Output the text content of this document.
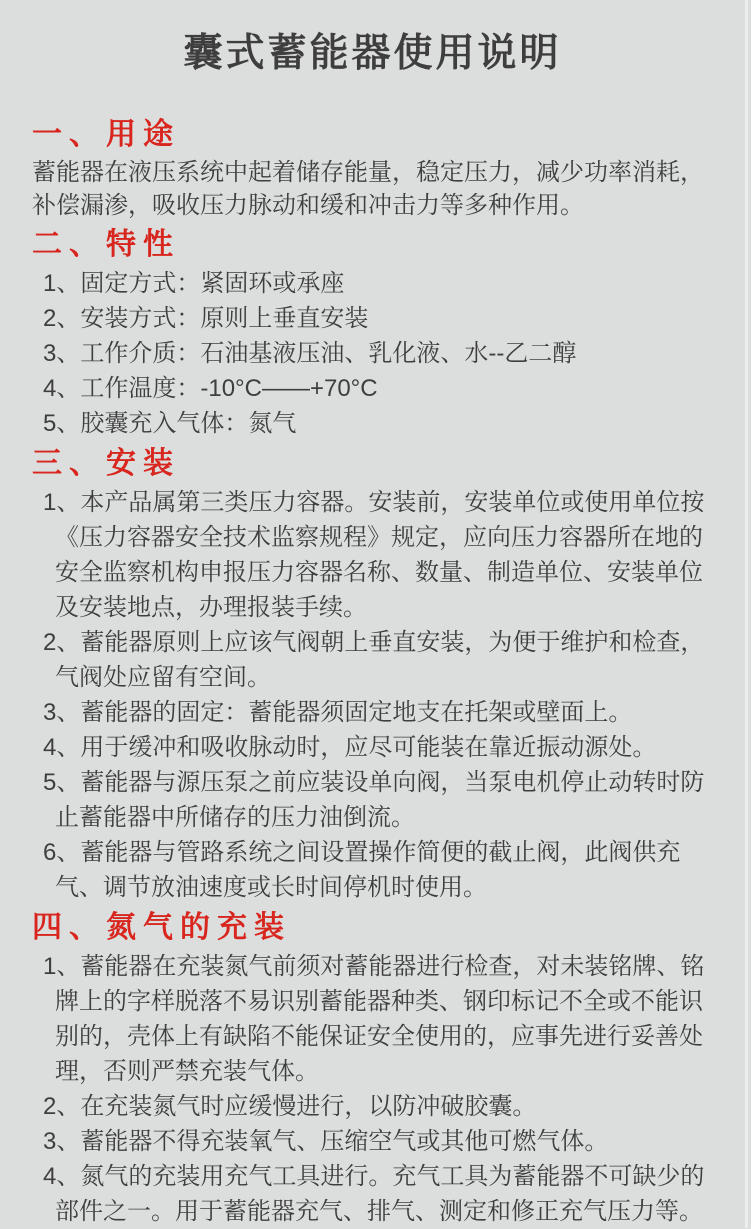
囊式蓄能器使用说明
一、用途

蓄能器在液压系统中起着储存能量，稳定压力，减少功率消耗，补偿漏渗，吸收压力脉动和缓和冲击力等多种作用。

二、特性
1、固定方式：紧固环或承座
2、安装方式：原则上垂直安装
3、工作介质：石油基液压油、乳化液、水--乙二醇
4、工作温度：-10°C——+70°C
5、胶囊充入气体：氮气
三、安装
1、本产品属第三类压力容器。安装前，安装单位或使用单位按《压力容器安全技术监察规程》规定，应向压力容器所在地的安全监察机构申报压力容器名称、数量、制造单位、安装单位及安装地点，办理报装手续。
2、蓄能器原则上应该气阀朝上垂直安装，为便于维护和检查，气阀处应留有空间。
3、蓄能器的固定：蓄能器须固定地支在托架或壁面上。
4、用于缓冲和吸收脉动时，应尽可能装在靠近振动源处。
5、蓄能器与源压泵之前应装设单向阀，当泵电机停止动转时防止蓄能器中所储存的压力油倒流。
6、蓄能器与管路系统之间设置操作简便的截止阀，此阀供充气、调节放油速度或长时间停机时使用。
四、氮气的充装
1、蓄能器在充装氮气前须对蓄能器进行检查，对未装铭牌、铭牌上的字样脱落不易识别蓄能器种类、钢印标记不全或不能识别的，壳体上有缺陷不能保证安全使用的，应事先进行妥善处理，否则严禁充装气体。
2、在充装氮气时应缓慢进行，以防冲破胶囊。
3、蓄能器不得充装氧气、压缩空气或其他可燃气体。
4、氮气的充装用充气工具进行。充气工具为蓄能器不可缺少的部件之一。用于蓄能器充气、排气、测定和修正充气压力等。
